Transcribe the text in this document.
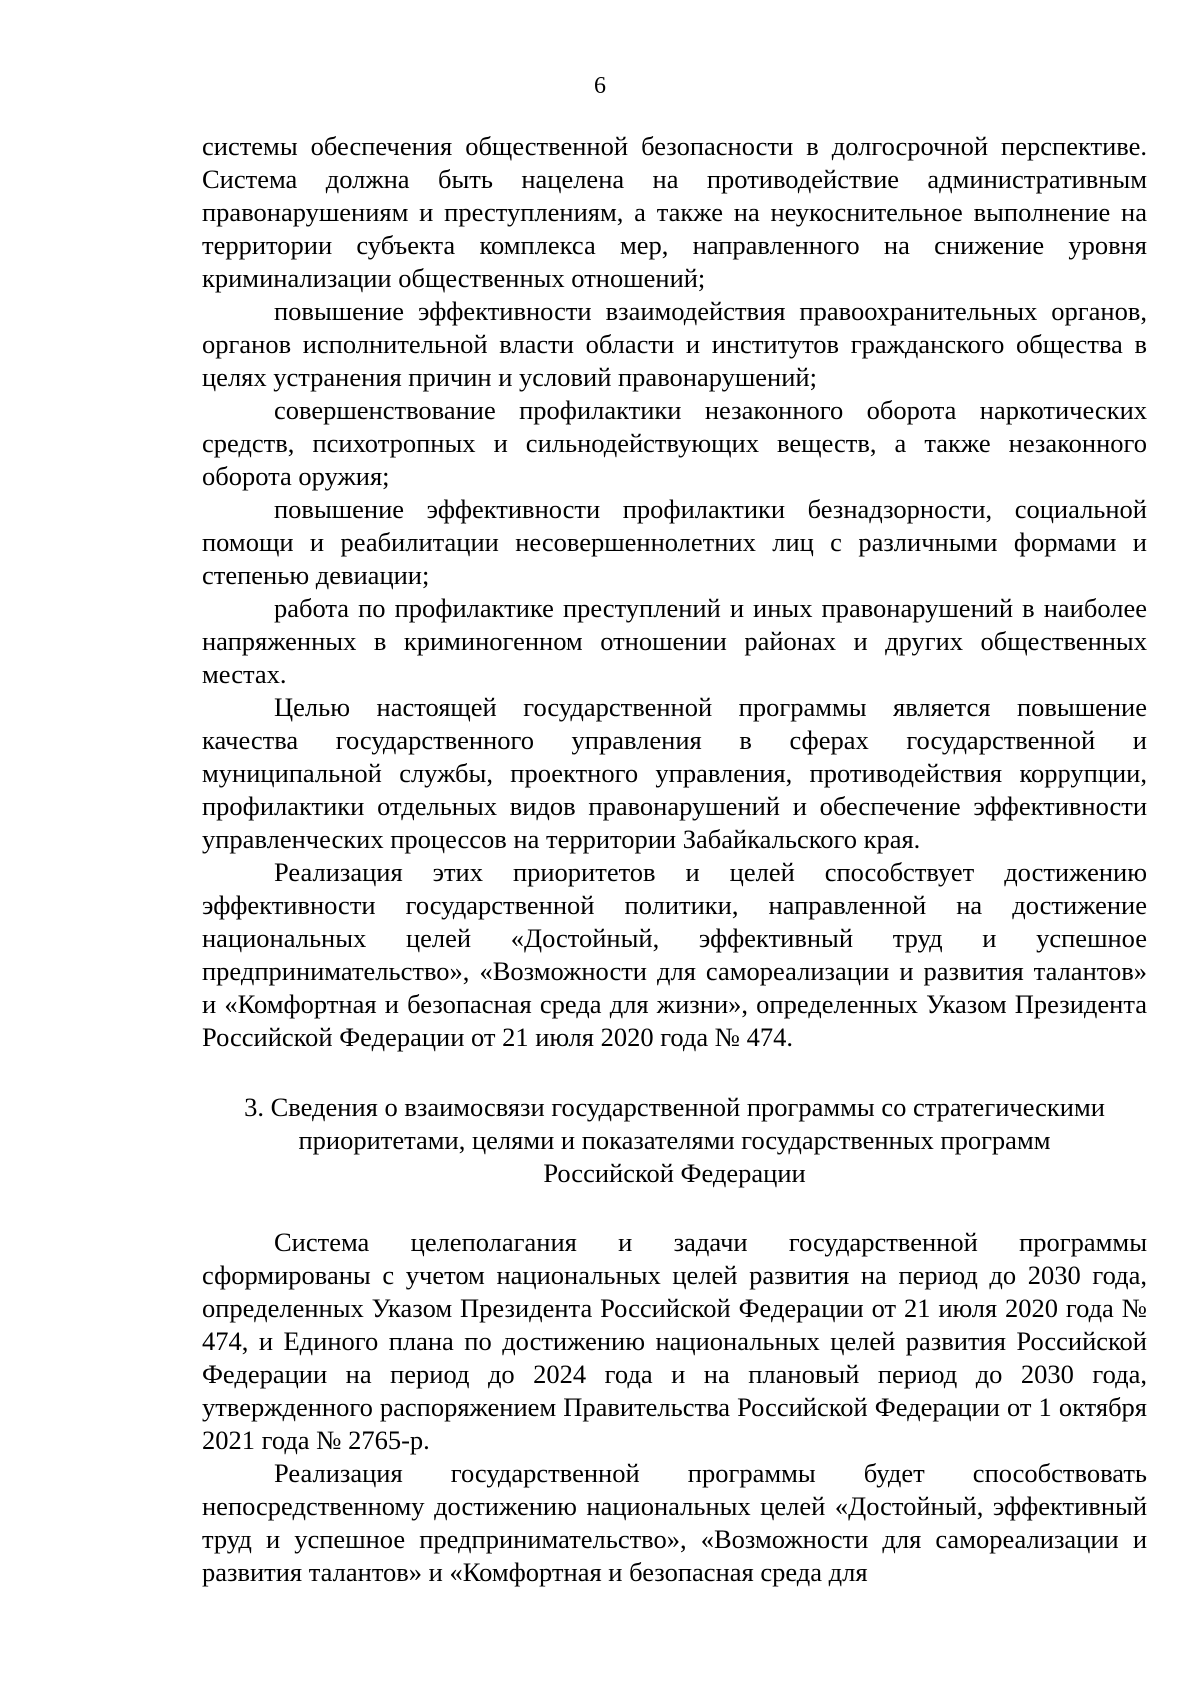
6

системы обеспечения общественной безопасности в долгосрочной перспективе. Система должна быть нацелена на противодействие административным правонарушениям и преступлениям, а также на неукоснительное выполнение на территории субъекта комплекса мер, направленного на снижение уровня криминализации общественных отношений;

повышение эффективности взаимодействия правоохранительных органов, органов исполнительной власти области и институтов гражданского общества в целях устранения причин и условий правонарушений;

совершенствование профилактики незаконного оборота наркотических средств, психотропных и сильнодействующих веществ, а также незаконного оборота оружия;

повышение эффективности профилактики безнадзорности, социальной помощи и реабилитации несовершеннолетних лиц с различными формами и степенью девиации;

работа по профилактике преступлений и иных правонарушений в наиболее напряженных в криминогенном отношении районах и других общественных местах.

Целью настоящей государственной программы является повышение качества государственного управления в сферах государственной и муниципальной службы, проектного управления, противодействия коррупции, профилактики отдельных видов правонарушений и обеспечение эффективности управленческих процессов на территории Забайкальского края.

Реализация этих приоритетов и целей способствует достижению эффективности государственной политики, направленной на достижение национальных целей «Достойный, эффективный труд и успешное предпринимательство», «Возможности для самореализации и развития талантов» и «Комфортная и безопасная среда для жизни», определенных Указом Президента Российской Федерации от 21 июля 2020 года № 474.

3. Сведения о взаимосвязи государственной программы со стратегическими
приоритетами, целями и показателями государственных программ
Российской Федерации

Система целеполагания и задачи государственной программы сформированы с учетом национальных целей развития на период до 2030 года, определенных Указом Президента Российской Федерации от 21 июля 2020 года № 474, и Единого плана по достижению национальных целей развития Российской Федерации на период до 2024 года и на плановый период до 2030 года, утвержденного распоряжением Правительства Российской Федерации от 1 октября 2021 года № 2765-р.

Реализация государственной программы будет способствовать непосредственному достижению национальных целей «Достойный, эффективный труд и успешное предпринимательство», «Возможности для самореализации и развития талантов» и «Комфортная и безопасная среда для
